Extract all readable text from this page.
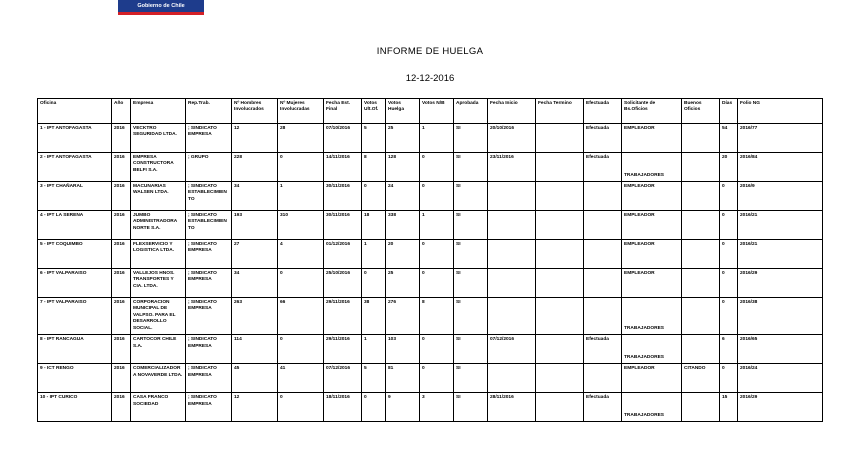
Gobierno de Chile
INFORME DE HUELGA
12-12-2016
Oficina	Año	Empresa	Rep.Trab.	Nº Hombres Involucrados	Nº Mujeres Involucradas	Fecha Est. Final	Votos Ult.Of.	Votos Huelga	Votos N/B	Aprobada	Fecha Inicio	Fecha Termino	Efectuada	Solicitante de Bs.Oficios	Buenos Oficios	Días	Folio NG
1 - IPT ANTOFAGASTA	2016	VECKTRO SEGURIDAD LTDA.	; SINDICATO EMPRESA	12	28	07/10/2016	5	25	1	SI	20/10/2016		Efectuada	EMPLEADOR		54	2016/77
2 - IPT ANTOFAGASTA	2016	EMPRESA CONSTRUCTORA BELFI S.A.	; GRUPO	228	0	14/11/2016	8	128	0	SI	23/11/2016		Efectuada	TRABAJADORES		20	2016/84
3 - IPT CHAÑARAL	2016	MACUNARIAS WALSEN LTDA.	; SINDICATO ESTABLECIMIENTO	34	1	30/11/2016	0	24	0	SI				EMPLEADOR		0	2016/9
4 - IPT LA SERENA	2016	JUMBO ADMINISTRADORA NORTE S.A.	; SINDICATO ESTABLECIMIENTO	193	310	30/11/2016	18	338	1	SI				EMPLEADOR		0	2016/21
5 - IPT COQUIMBO	2016	FLEXSERVICIO Y LOGISTICA LTDA.	; SINDICATO EMPRESA	27	4	01/12/2016	1	20	0	SI				EMPLEADOR		0	2016/21
6 - IPT VALPARAISO	2016	VALLEJOS HNOS. TRANSPORTES Y CIA. LTDA.	; SINDICATO EMPRESA	34	0	25/10/2016	0	25	0	SI				EMPLEADOR		0	2016/29
7 - IPT VALPARAISO	2016	CORPORACION MUNICIPAL DE VALPSO. PARA EL DESARROLLO SOCIAL.	; SINDICATO EMPRESA	263	66	29/11/2016	38	276	8	SI				TRABAJADORES		0	2016/38
8 - IPT RANCAGUA	2016	CARTOCOR CHILE S.A.	; SINDICATO EMPRESA	114	0	29/11/2016	1	103	0	SI	07/12/2016		Efectuada	TRABAJADORES		6	2016/65
9 - ICT RENGO	2016	COMERCIALIZADORA NOVAVERDE LTDA.	; SINDICATO EMPRESA	45	41	07/12/2016	5	81	0	SI				EMPLEADOR	CITANDO	0	2016/24
10 - IPT CURICO	2016	CASA FRANCO SOCIEDAD	; SINDICATO EMPRESA	12	0	18/11/2016	0	9	3	SI	28/11/2016		Efectuada	TRABAJADORES		15	2016/29
